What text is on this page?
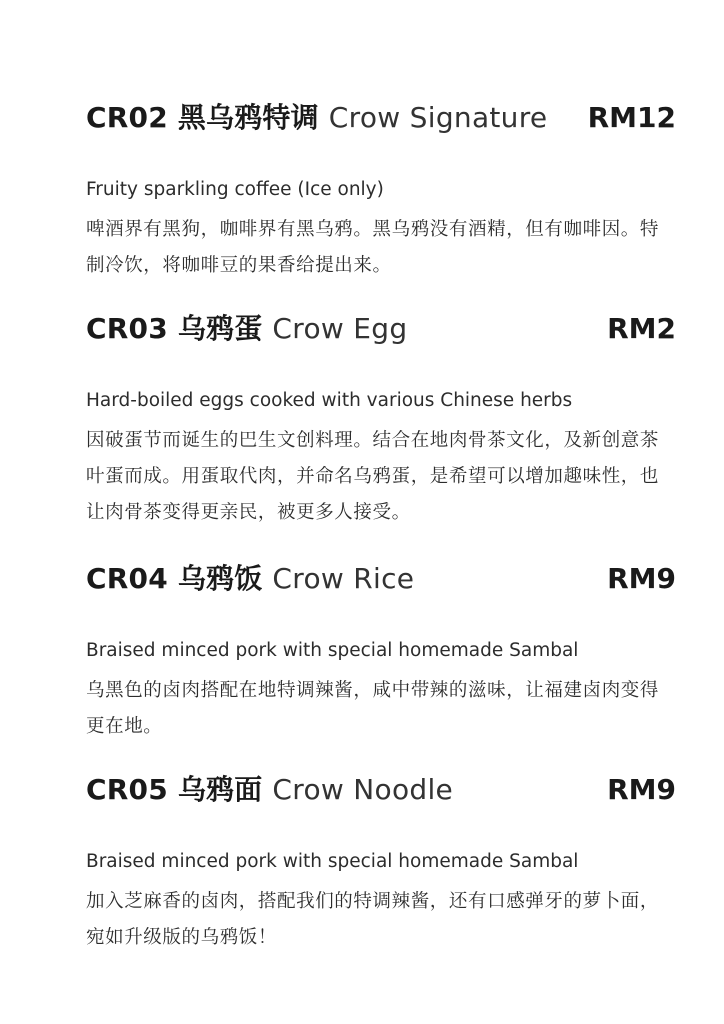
CR02 黑乌鸦特调 Crow Signature RM12
Fruity sparkling coffee (Ice only)
啤酒界有黑狗，咖啡界有黑乌鸦。黑乌鸦没有酒精，但有咖啡因。特制冷饮，将咖啡豆的果香给提出来。
CR03 乌鸦蛋 Crow Egg	RM2
Hard-boiled eggs cooked with various Chinese herbs
因破蛋节而诞生的巴生文创料理。结合在地肉骨茶文化，及新创意茶叶蛋而成。用蛋取代肉，并命名乌鸦蛋，是希望可以增加趣味性，也让肉骨茶变得更亲民，被更多人接受。
CR04 乌鸦饭 Crow Rice	RM9
Braised minced pork with special homemade Sambal
乌黑色的卤肉搭配在地特调辣酱，咸中带辣的滋味，让福建卤肉变得更在地。
CR05 乌鸦面 Crow Noodle	RM9
Braised minced pork with special homemade Sambal
加入芝麻香的卤肉，搭配我们的特调辣酱，还有口感弹牙的萝卜面，宛如升级版的乌鸦饭！
